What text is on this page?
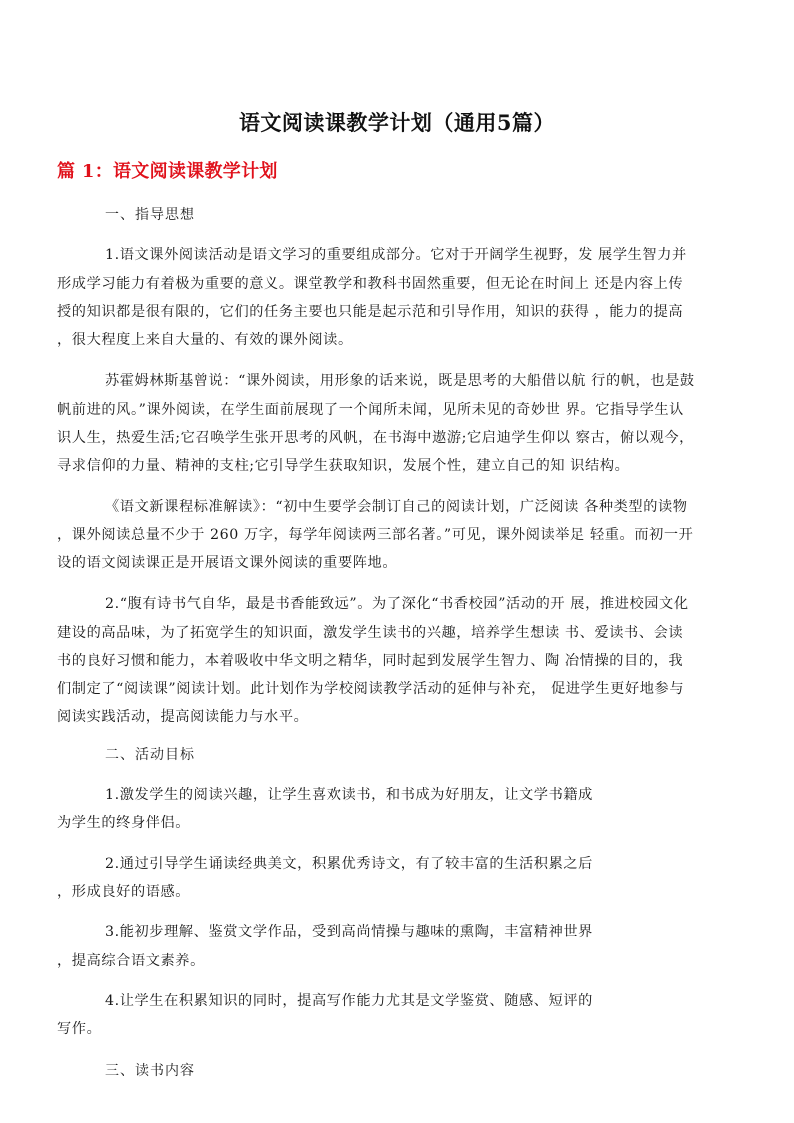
语文阅读课教学计划（通用5篇）
篇 1：语文阅读课教学计划
一、指导思想
1.语文课外阅读活动是语文学习的重要组成部分。它对于开阔学生视野，发 展学生智力并
形成学习能力有着极为重要的意义。课堂教学和教科书固然重要，但无论在时间上 还是内容上传
授的知识都是很有限的，它们的任务主要也只能是起示范和引导作用，知识的获得 ，能力的提高
，很大程度上来自大量的、有效的课外阅读。
苏霍姆林斯基曾说：“课外阅读，用形象的话来说，既是思考的大船借以航 行的帆，也是鼓
帆前进的风。”课外阅读，在学生面前展现了一个闻所未闻，见所未见的奇妙世 界。它指导学生认
识人生，热爱生活;它召唤学生张开思考的风帆，在书海中遨游;它启迪学生仰以 察古，俯以观今，
寻求信仰的力量、精神的支柱;它引导学生获取知识，发展个性，建立自己的知 识结构。
《语文新课程标准解读》：“初中生要学会制订自己的阅读计划，广泛阅读 各种类型的读物
，课外阅读总量不少于 260 万字，每学年阅读两三部名著。”可见，课外阅读举足 轻重。而初一开
设的语文阅读课正是开展语文课外阅读的重要阵地。
2.“腹有诗书气自华，最是书香能致远”。为了深化“书香校园”活动的开 展，推进校园文化
建设的高品味，为了拓宽学生的知识面，激发学生读书的兴趣，培养学生想读 书、爱读书、会读
书的良好习惯和能力，本着吸收中华文明之精华，同时起到发展学生智力、陶 冶情操的目的，我
们制定了“阅读课”阅读计划。此计划作为学校阅读教学活动的延伸与补充， 促进学生更好地参与
阅读实践活动，提高阅读能力与水平。
二、活动目标
1.激发学生的阅读兴趣，让学生喜欢读书，和书成为好朋友，让文学书籍成
为学生的终身伴侣。
2.通过引导学生诵读经典美文，积累优秀诗文，有了较丰富的生活积累之后
，形成良好的语感。
3.能初步理解、鉴赏文学作品，受到高尚情操与趣味的熏陶，丰富精神世界
，提高综合语文素养。
4.让学生在积累知识的同时，提高写作能力尤其是文学鉴赏、随感、短评的
写作。
三、读书内容
